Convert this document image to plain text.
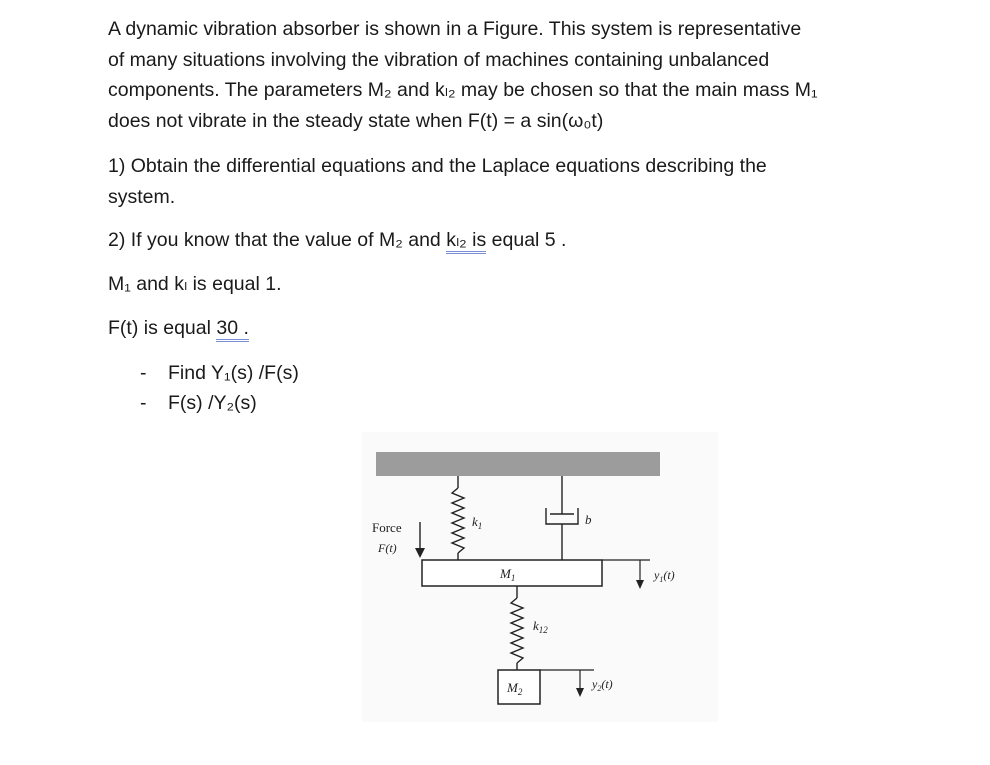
A dynamic vibration absorber is shown in a Figure. This system is representative
of many situations involving the vibration of machines containing unbalanced
components. The parameters M₂ and kₗ₂ may be chosen so that the main mass M₁
does not vibrate in the steady state when F(t) = a sin(ω₀t)
1) Obtain the differential equations and the Laplace equations describing the
system.
2) If you know that the value of M₂ and kₗ₂ is equal 5 .
M₁ and kₗ is equal 1.
F(t) is equal 30 .
- Find Y₁(s) /F(s)
- F(s) /Y₂(s)
$k_1$	b
Force
F(t)
$M_1$	$y_1(t)$
$k_{12}$
$M_2$
$y_2(t)$
